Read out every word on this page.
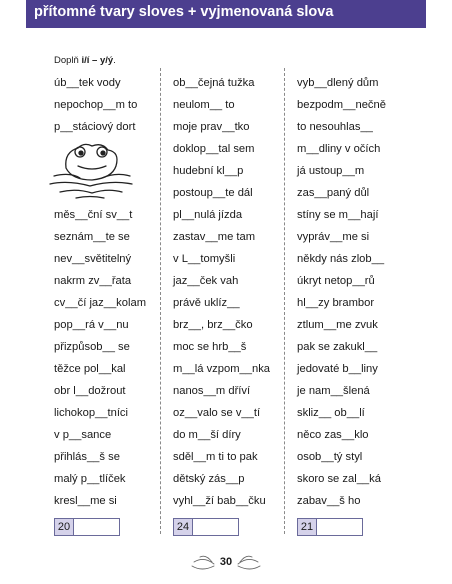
přítomné tvary sloves + vyjmenovaná slova
Doplň i/í – y/ý.
úb__tek vody
nepochop__m to
p__stáciový dort
měs__ční sv__t
seznám__te se
nev__světitelný
nakrm zv__řata
cv__čí jaz__kolam
pop__rá v__nu
přizpůsob__ se
těžce pol__kal
obr l__dožrout
lichokop__tníci
v p__sance
přihlás__š se
malý p__tlíček
kresl__me si
ob__čejná tužka
neulom__ to
moje prav__tko
doklop__tal sem
hudební kl__p
postoup__te dál
pl__nulá jízda
zastav__me tam
v L__tomyšli
jaz__ček vah
právě uklíz__
brz__, brz__čko
moc se hrb__š
m__lá vzpom__nka
nanos__m dříví
oz__valo se v__tí
do m__ší díry
sděl__m ti to pak
dětský zás__p
vyhl__ží bab__čku
vyb__dlený dům
bezpodm__nečně
to nesouhlas__
m__dliny v očích
já ustoup__m
zas__paný důl
stíny se m__hají
vypráv__me si
někdy nás zlob__
úkryt netop__rů
hl__zy brambor
ztlum__me zvuk
pak se zakukl__
jedovaté b__liny
je nam__šlená
skliz__ ob__lí
něco zas__klo
osob__tý styl
skoro se zal__ká
zabav__š ho
20	24	21
30
